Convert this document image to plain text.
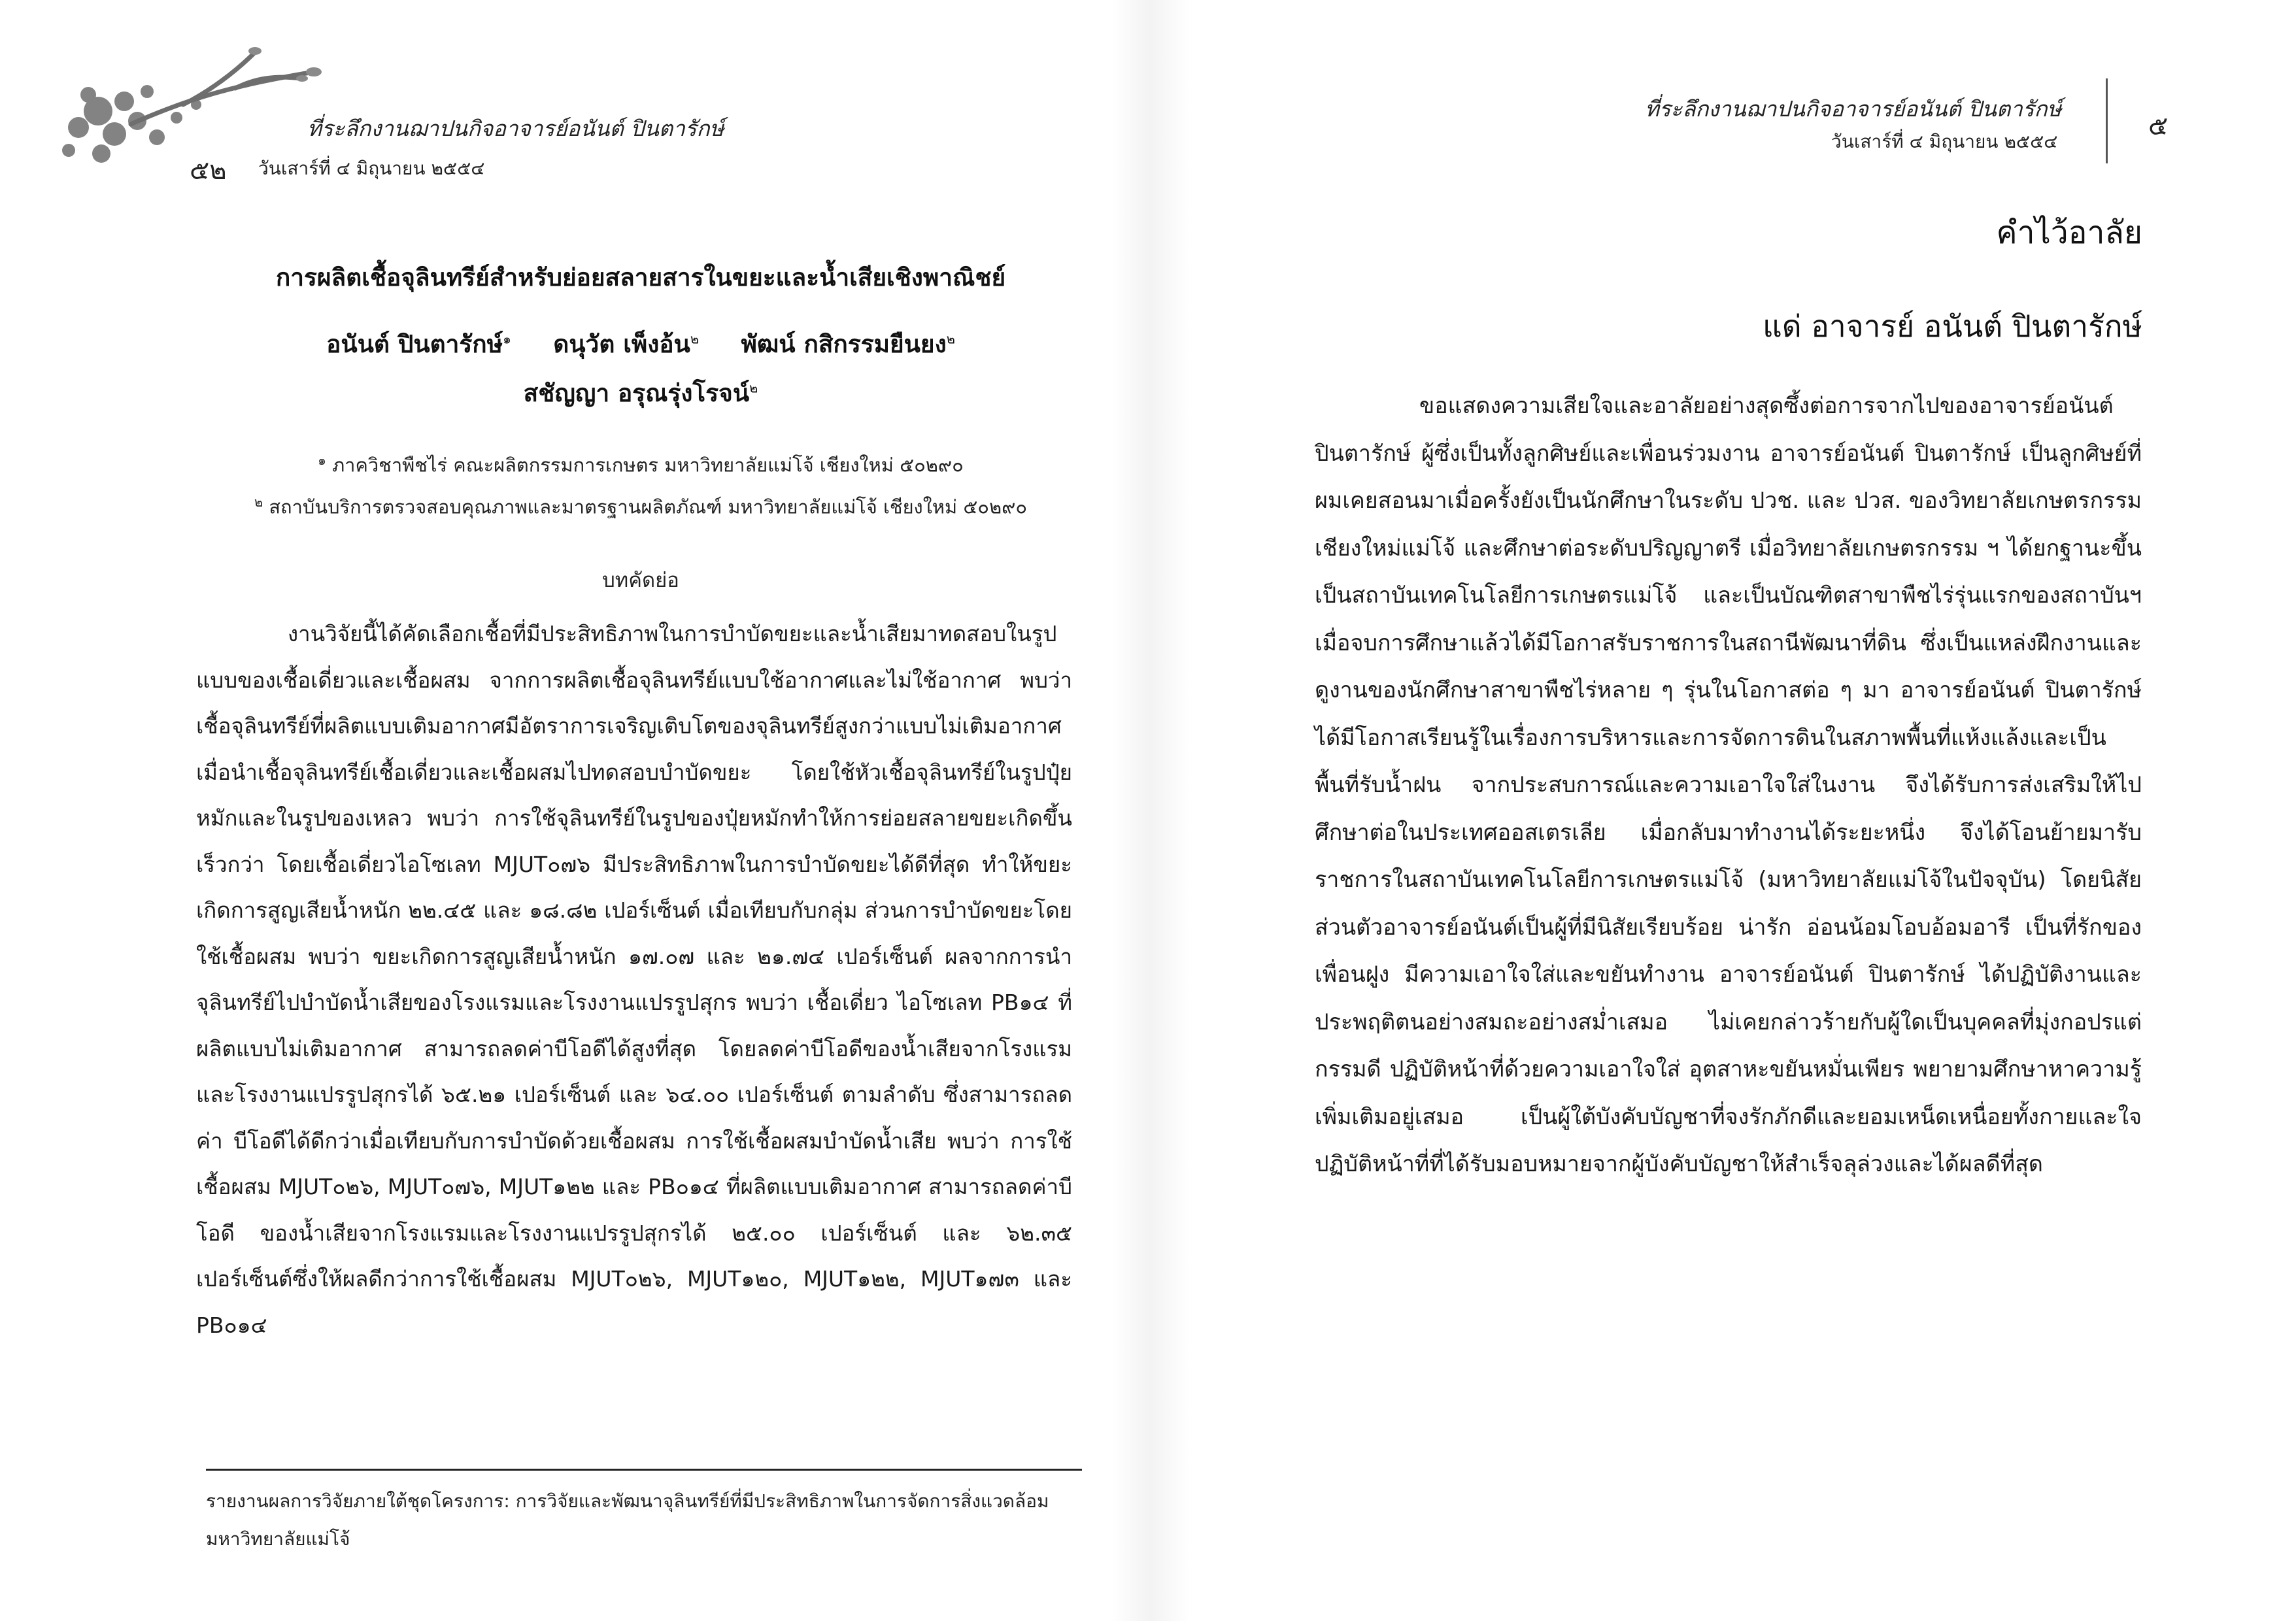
ที่ระลึกงานฌาปนกิจอาจารย์อนันต์ ปินตารักษ์
๕๒ วันเสาร์ที่ ๔ มิถุนายน ๒๕๕๔
การผลิตเชื้อจุลินทรีย์สำหรับย่อยสลายสารในขยะและน้ำเสียเชิงพาณิชย์
อนันต์ ปินตารักษ์$^๑$ ดนุวัต เพ็งอ้น$^๒$ พัฒน์ กสิกรรมยืนยง$^๒$
สชัญญา อรุณรุ่งโรจน์$^๒$
$^๑$ ภาควิชาพืชไร่ คณะผลิตกรรมการเกษตร มหาวิทยาลัยแม่โจ้ เชียงใหม่ ๕๐๒๙๐
$^๒$ สถาบันบริการตรวจสอบคุณภาพและมาตรฐานผลิตภัณฑ์ มหาวิทยาลัยแม่โจ้ เชียงใหม่ ๕๐๒๙๐
บทคัดย่อ

งานวิจัยนี้ได้คัดเลือกเชื้อที่มีประสิทธิภาพในการบำบัดขยะและน้ำเสียมาทดสอบในรูปแบบของเชื้อเดี่ยวและเชื้อผสม จากการผลิตเชื้อจุลินทรีย์แบบใช้อากาศและไม่ใช้อากาศ พบว่าเชื้อจุลินทรีย์ที่ผลิตแบบเติมอากาศมีอัตราการเจริญเติบโตของจุลินทรีย์สูงกว่าแบบไม่เติมอากาศ เมื่อนำเชื้อจุลินทรีย์เชื้อเดี่ยวและเชื้อผสมไปทดสอบบำบัดขยะ โดยใช้หัวเชื้อจุลินทรีย์ในรูปปุ๋ยหมักและในรูปของเหลว พบว่า การใช้จุลินทรีย์ในรูปของปุ๋ยหมักทำให้การย่อยสลายขยะเกิดขึ้นเร็วกว่า โดยเชื้อเดี่ยวไอโซเลท MJUT๐๗๖ มีประสิทธิภาพในการบำบัดขยะได้ดีที่สุด ทำให้ขยะเกิดการสูญเสียน้ำหนัก ๒๒.๔๕ และ ๑๘.๘๒ เปอร์เซ็นต์ เมื่อเทียบกับกลุ่ม ส่วนการบำบัดขยะโดยใช้เชื้อผสม พบว่า ขยะเกิดการสูญเสียน้ำหนัก ๑๗.๐๗ และ ๒๑.๗๔ เปอร์เซ็นต์ ผลจากการนำจุลินทรีย์ไปบำบัดน้ำเสียของโรงแรมและโรงงานแปรรูปสุกร พบว่า เชื้อเดี่ยว ไอโซเลท PB๑๔ ที่ผลิตแบบไม่เติมอากาศ สามารถลดค่าบีโอดีได้สูงที่สุด โดยลดค่าบีโอดีของน้ำเสียจากโรงแรมและโรงงานแปรรูปสุกรได้ ๖๕.๒๑ เปอร์เซ็นต์ และ ๖๔.๐๐ เปอร์เซ็นต์ ตามลำดับ ซึ่งสามารถลดค่า บีโอดีได้ดีกว่าเมื่อเทียบกับการบำบัดด้วยเชื้อผสม การใช้เชื้อผสมบำบัดน้ำเสีย พบว่า การใช้เชื้อผสม MJUT๐๒๖, MJUT๐๗๖, MJUT๑๒๒ และ PB๐๑๔ ที่ผลิตแบบเติมอากาศ สามารถลดค่าบีโอดี ของน้ำเสียจากโรงแรมและโรงงานแปรรูปสุกรได้ ๒๕.๐๐ เปอร์เซ็นต์ และ ๖๒.๓๕ เปอร์เซ็นต์ซึ่งให้ผลดีกว่าการใช้เชื้อผสม MJUT๐๒๖, MJUT๑๒๐, MJUT๑๒๒, MJUT๑๗๓ และ PB๐๑๔

รายงานผลการวิจัยภายใต้ชุดโครงการ: การวิจัยและพัฒนาจุลินทรีย์ที่มีประสิทธิภาพในการจัดการสิ่งแวดล้อม มหาวิทยาลัยแม่โจ้
ที่ระลึกงานฌาปนกิจอาจารย์อนันต์ ปินตารักษ์
วันเสาร์ที่ ๔ มิถุนายน ๒๕๕๔
๕
คำไว้อาลัย
แด่ อาจารย์ อนันต์ ปินตารักษ์

ขอแสดงความเสียใจและอาลัยอย่างสุดซึ้งต่อการจากไปของอาจารย์อนันต์ ปินตารักษ์ ผู้ซึ่งเป็นทั้งลูกศิษย์และเพื่อนร่วมงาน อาจารย์อนันต์ ปินตารักษ์ เป็นลูกศิษย์ที่ผมเคยสอนมาเมื่อครั้งยังเป็นนักศึกษาในระดับ ปวช. และ ปวส. ของวิทยาลัยเกษตรกรรมเชียงใหม่แม่โจ้ และศึกษาต่อระดับปริญญาตรี เมื่อวิทยาลัยเกษตรกรรม ฯ ได้ยกฐานะขึ้นเป็นสถาบันเทคโนโลยีการเกษตรแม่โจ้ และเป็นบัณฑิตสาขาพืชไร่รุ่นแรกของสถาบันฯ เมื่อจบการศึกษาแล้วได้มีโอกาสรับราชการในสถานีพัฒนาที่ดิน ซึ่งเป็นแหล่งฝึกงานและดูงานของนักศึกษาสาขาพืชไร่หลาย ๆ รุ่นในโอกาสต่อ ๆ มา อาจารย์อนันต์ ปินตารักษ์ ได้มีโอกาสเรียนรู้ในเรื่องการบริหารและการจัดการดินในสภาพพื้นที่แห้งแล้งและเป็นพื้นที่รับน้ำฝน จากประสบการณ์และความเอาใจใส่ในงาน จึงได้รับการส่งเสริมให้ไปศึกษาต่อในประเทศออสเตรเลีย เมื่อกลับมาทำงานได้ระยะหนึ่ง จึงได้โอนย้ายมารับราชการในสถาบันเทคโนโลยีการเกษตรแม่โจ้ (มหาวิทยาลัยแม่โจ้ในปัจจุบัน) โดยนิสัยส่วนตัวอาจารย์อนันต์เป็นผู้ที่มีนิสัยเรียบร้อย น่ารัก อ่อนน้อมโอบอ้อมอารี เป็นที่รักของเพื่อนฝูง มีความเอาใจใส่และขยันทำงาน อาจารย์อนันต์ ปินตารักษ์ ได้ปฏิบัติงานและประพฤติตนอย่างสมถะอย่างสม่ำเสมอ ไม่เคยกล่าวร้ายกับผู้ใดเป็นบุคคลที่มุ่งกอปรแต่กรรมดี ปฏิบัติหน้าที่ด้วยความเอาใจใส่ อุตสาหะขยันหมั่นเพียร พยายามศึกษาหาความรู้เพิ่มเติมอยู่เสมอ เป็นผู้ใต้บังคับบัญชาที่จงรักภักดีและยอมเหน็ดเหนื่อยทั้งกายและใจ ปฏิบัติหน้าที่ที่ได้รับมอบหมายจากผู้บังคับบัญชาให้สำเร็จลุล่วงและได้ผลดีที่สุด
